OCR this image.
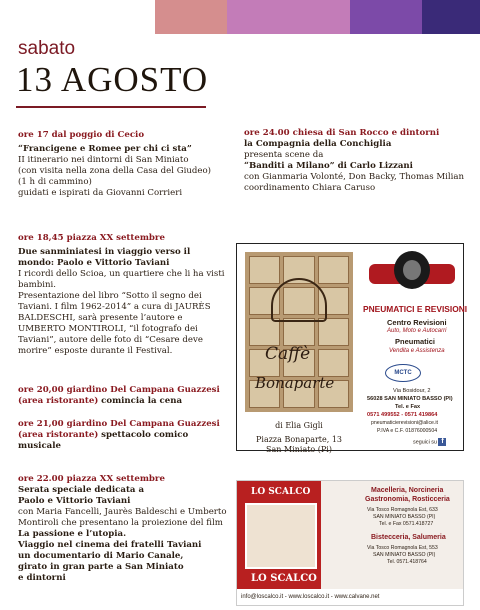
sabato
13 AGOSTO
ore 17 dal poggio di Cecio
“Francigene e Romee per chi ci sta”
II itinerario nei dintorni di San Miniato
(con visita nella zona della Casa del Giudeo)
(1 h di cammino)
guidati e ispirati da Giovanni Corrieri
ore 24.00 chiesa di San Rocco e dintorni
la Compagnia della Conchiglia
presenta scene da
“Banditi a Milano” di Carlo Lizzani
con Gianmaria Volonté, Don Backy, Thomas Milian
coordinamento Chiara Caruso
ore 18,45 piazza XX settembre
Due sanminiatesi in viaggio verso il
mondo: Paolo e Vittorio Taviani
I ricordi dello Scioa, un quartiere che li ha visti
bambini.
Presentazione del libro “Sotto il segno dei
Taviani. I film 1962-2014” a cura di JAURÈS
BALDESCHI, sarà presente l’autore e
UMBERTO MONTIROLI, “il fotografo dei
Taviani”, autore delle foto di “Cesare deve
morire” esposte durante il Festival.
ore 20,00 giardino Del Campana Guazzesi
(area ristorante) comincia la cena
ore 21,00 giardino Del Campana Guazzesi
(area ristorante) spettacolo comico
musicale
ore 22.00 piazza XX settembre
Serata speciale dedicata a
Paolo e Vittorio Taviani
con Maria Fancelli, Jaurès Baldeschi e Umberto
Montiroli che presentano la proiezione del film
La passione e l’utopia.
Viaggio nel cinema dei fratelli Taviani
un documentario di Mario Canale,
girato in gran parte a San Miniato
e dintorni
Caffè
Bonaparte
di Elia Gigli
Piazza Bonaparte, 13
San Miniato (Pi)
PNEUMATICI E REVISIONI
Centro Revisioni
Auto, Moto e Autocarri
Pneumatici
Vendita e Assistenza
MCTC
Via Bosidour, 2
56028 SAN MINIATO BASSO (PI)
Tel. e Fax
0571 499552 - 0571 419864
pneumaticierevisioni@alice.it
P.IVA e C.F. 01876000504
seguici su f
LO SCALCO	Macelleria, Norcineria
Gastronomia, Rosticceria
Via Tosco Romagnola Est, 633
SAN MINIATO BASSO (PI)
Tel. e Fax 0571.418727
Bistecceria, Salumeria
Via Tosco Romagnola Est, 553
SAN MINIATO BASSO (PI)
Tel. 0571.418764
LO SCALCO
info@loscalco.it - www.loscalco.it - www.calvane.net
